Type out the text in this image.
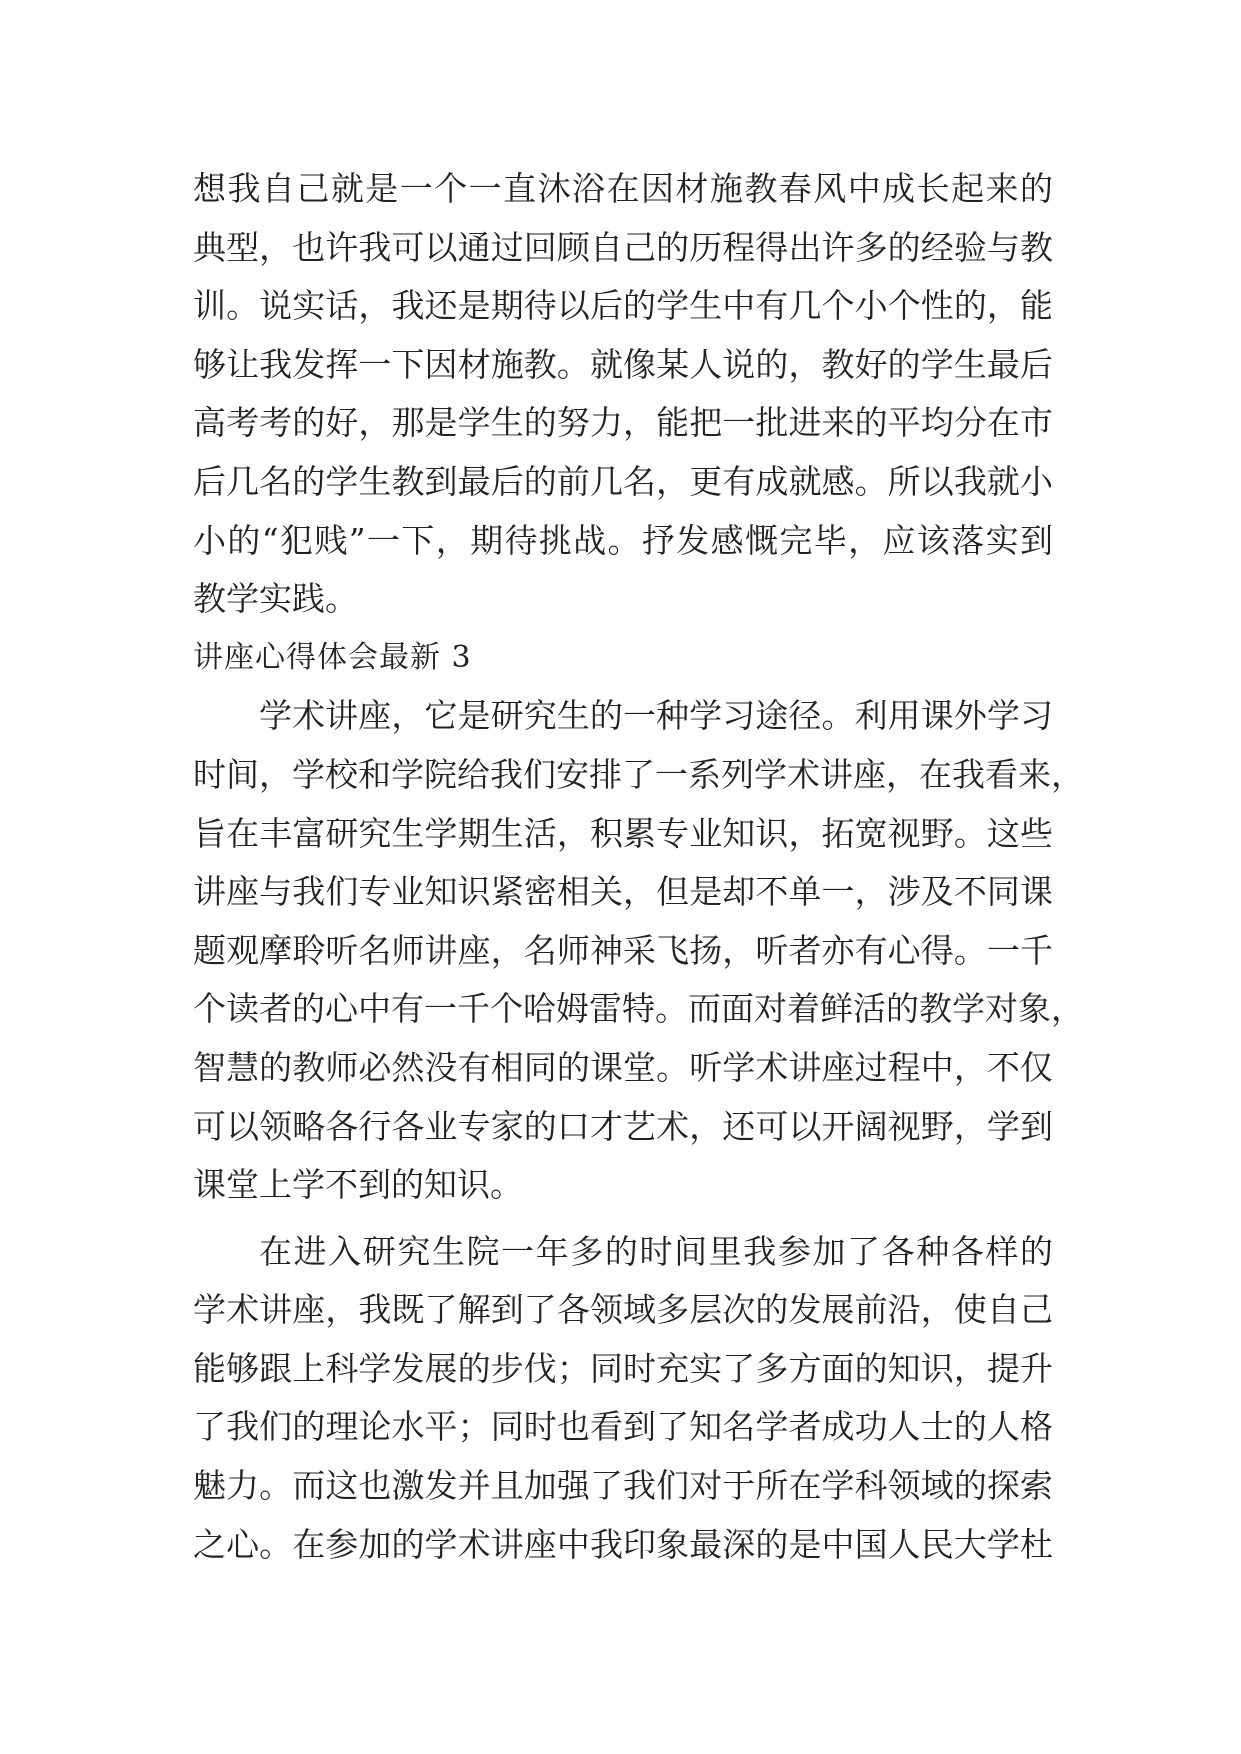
想我自己就是一个一直沐浴在因材施教春风中成长起来的
典型，也许我可以通过回顾自己的历程得出许多的经验与教
训。说实话，我还是期待以后的学生中有几个小个性的，能
够让我发挥一下因材施教。就像某人说的，教好的学生最后
高考考的好，那是学生的努力，能把一批进来的平均分在市
后几名的学生教到最后的前几名，更有成就感。所以我就小
小的“犯贱”一下，期待挑战。抒发感慨完毕，应该落实到
教学实践。
讲座心得体会最新 3
学术讲座，它是研究生的一种学习途径。利用课外学习
时间，学校和学院给我们安排了一系列学术讲座，在我看来，
旨在丰富研究生学期生活，积累专业知识，拓宽视野。这些
讲座与我们专业知识紧密相关，但是却不单一，涉及不同课
题观摩聆听名师讲座，名师神采飞扬，听者亦有心得。一千
个读者的心中有一千个哈姆雷特。而面对着鲜活的教学对象，
智慧的教师必然没有相同的课堂。听学术讲座过程中，不仅
可以领略各行各业专家的口才艺术，还可以开阔视野，学到
课堂上学不到的知识。
在进入研究生院一年多的时间里我参加了各种各样的
学术讲座，我既了解到了各领域多层次的发展前沿，使自己
能够跟上科学发展的步伐；同时充实了多方面的知识，提升
了我们的理论水平；同时也看到了知名学者成功人士的人格
魅力。而这也激发并且加强了我们对于所在学科领域的探索
之心。在参加的学术讲座中我印象最深的是中国人民大学杜
